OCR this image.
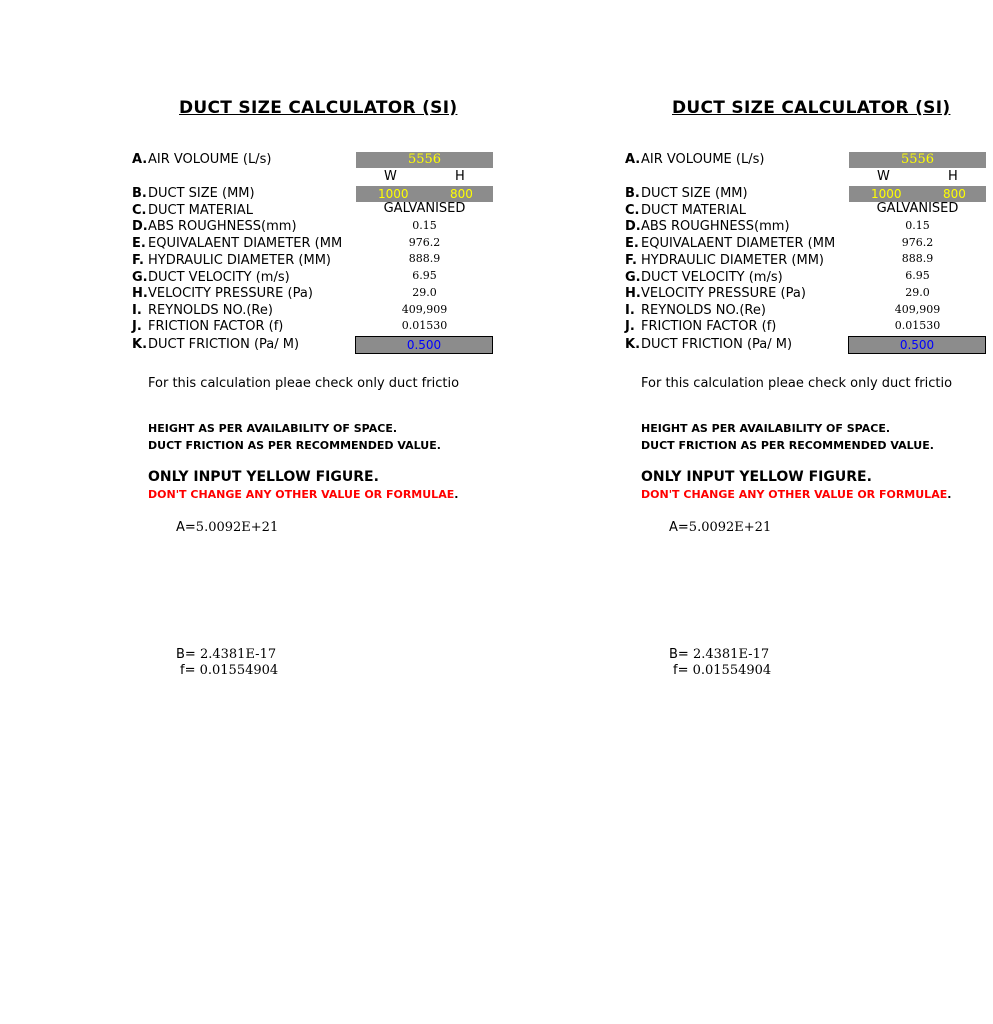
DUCT SIZE CALCULATOR (SI)
A.AIR VOLOUME (L/s)	5556
W	H
B.DUCT SIZE (MM)	1000	800
C. DUCT MATERIAL	GALVANISED
D.ABS ROUGHNESS(mm)	0.15
E. EQUIVALAENT DIAMETER (MM	976.2
F. HYDRAULIC DIAMETER (MM)	888.9
G.DUCT VELOCITY (m/s)	6.95
H.VELOCITY PRESSURE (Pa)	29.0
I. REYNOLDS NO.(Re)	409,909
J. FRICTION FACTOR (f)	0.01530
K.DUCT FRICTION (Pa/ M)	0.500
For this calculation pleae check only duct frictio
HEIGHT AS PER AVAILABILITY OF SPACE.
DUCT FRICTION AS PER RECOMMENDED VALUE.
ONLY INPUT YELLOW FIGURE.
DON'T CHANGE ANY OTHER VALUE OR FORMULAE.
A=5.0092E+21
B= 2.4381E-17
f= 0.01554904
DUCT SIZE CALCULATOR (SI)
A.AIR VOLOUME (L/s)	5556
W	H
B.DUCT SIZE (MM)	1000	800
C. DUCT MATERIAL	GALVANISED
D.ABS ROUGHNESS(mm)	0.15
E. EQUIVALAENT DIAMETER (MM	976.2
F. HYDRAULIC DIAMETER (MM)	888.9
G.DUCT VELOCITY (m/s)	6.95
H.VELOCITY PRESSURE (Pa)	29.0
I. REYNOLDS NO.(Re)	409,909
J. FRICTION FACTOR (f)	0.01530
K.DUCT FRICTION (Pa/ M)	0.500
For this calculation pleae check only duct frictio
HEIGHT AS PER AVAILABILITY OF SPACE.
DUCT FRICTION AS PER RECOMMENDED VALUE.
ONLY INPUT YELLOW FIGURE.
DON'T CHANGE ANY OTHER VALUE OR FORMULAE.
A=5.0092E+21
B= 2.4381E-17
f= 0.01554904
